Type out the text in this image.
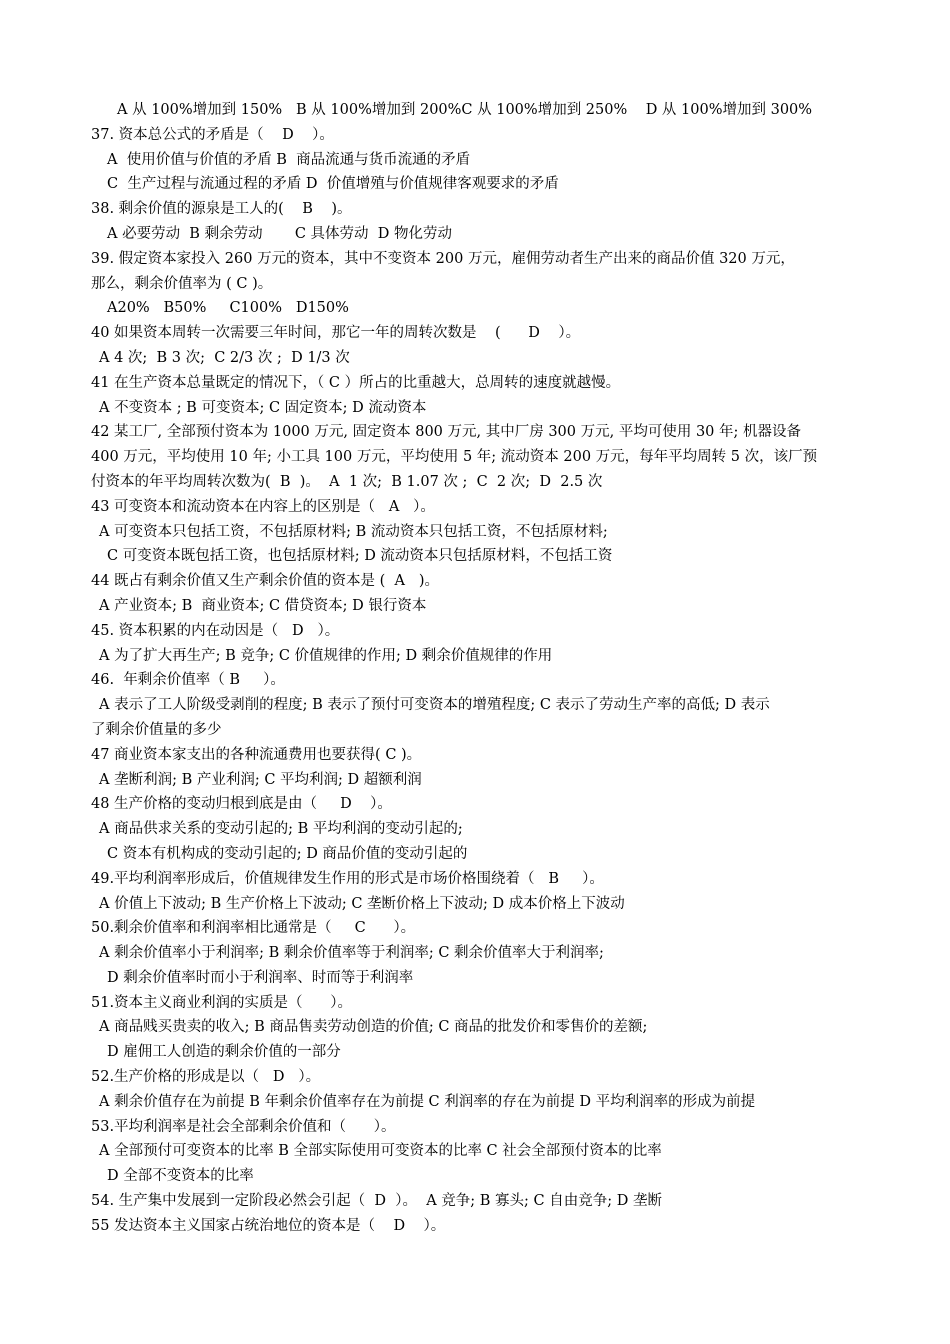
A 从 100%增加到 150%   B 从 100%增加到 200%C 从 100%增加到 250%    D 从 100%增加到 300%
37. 资本总公式的矛盾是（    D    ）。
A  使用价值与价值的矛盾 B  商品流通与货币流通的矛盾
C  生产过程与流通过程的矛盾 D  价值增殖与价值规律客观要求的矛盾
38. 剩余价值的源泉是工人的(    B    )。
A 必要劳动  B 剩余劳动       C 具体劳动  D 物化劳动
39. 假定资本家投入 260 万元的资本，其中不变资本 200 万元，雇佣劳动者生产出来的商品价值 320 万元，
那么，剩余价值率为 ( C )。
A20%   B50%     C100%   D150%
40 如果资本周转一次需要三年时间，那它一年的周转次数是    (      D    ）。
A 4 次;  B 3 次;  C 2/3 次 ;  D 1/3 次
41 在生产资本总量既定的情况下，（ C ）所占的比重越大，总周转的速度就越慢。
A 不变资本 ; B 可变资本; C 固定资本; D 流动资本
42 某工厂, 全部预付资本为 1000 万元, 固定资本 800 万元, 其中厂房 300 万元, 平均可使用 30 年; 机器设备
400 万元，平均使用 10 年; 小工具 100 万元，平均使用 5 年; 流动资本 200 万元，每年平均周转 5 次，该厂预
付资本的年平均周转次数为(  B  )。  A  1 次;  B 1.07 次 ;  C  2 次;  D  2.5 次
43 可变资本和流动资本在内容上的区别是（   A   ）。
A 可变资本只包括工资，不包括原材料; B 流动资本只包括工资，不包括原材料;
C 可变资本既包括工资，也包括原材料; D 流动资本只包括原材料，不包括工资
44 既占有剩余价值又生产剩余价值的资本是 (  A   )。
A 产业资本; B  商业资本; C 借贷资本; D 银行资本
45. 资本积累的内在动因是（   D   ）。
A 为了扩大再生产; B 竞争; C 价值规律的作用; D 剩余价值规律的作用
46.  年剩余价值率（ B     ）。
A 表示了工人阶级受剥削的程度; B 表示了预付可变资本的增殖程度; C 表示了劳动生产率的高低; D 表示
了剩余价值量的多少
47 商业资本家支出的各种流通费用也要获得( C )。
A 垄断利润; B 产业利润; C 平均利润; D 超额利润
48 生产价格的变动归根到底是由（     D    ）。
A 商品供求关系的变动引起的; B 平均利润的变动引起的;
C 资本有机构成的变动引起的; D 商品价值的变动引起的
49.平均利润率形成后，价值规律发生作用的形式是市场价格围绕着（   B     ）。
A 价值上下波动; B 生产价格上下波动; C 垄断价格上下波动; D 成本价格上下波动
50.剩余价值率和利润率相比通常是（     C      ）。
A 剩余价值率小于利润率; B 剩余价值率等于利润率; C 剩余价值率大于利润率;
D 剩余价值率时而小于利润率、时而等于利润率
51.资本主义商业利润的实质是（      ）。
A 商品贱买贵卖的收入; B 商品售卖劳动创造的价值; C 商品的批发价和零售价的差额;
D 雇佣工人创造的剩余价值的一部分
52.生产价格的形成是以（   D   ）。
A 剩余价值存在为前提 B 年剩余价值率存在为前提 C 利润率的存在为前提 D 平均利润率的形成为前提
53.平均利润率是社会全部剩余价值和（      ）。
A 全部预付可变资本的比率 B 全部实际使用可变资本的比率 C 社会全部预付资本的比率
D 全部不变资本的比率
54. 生产集中发展到一定阶段必然会引起（  D  ）。  A 竞争; B 寡头; C 自由竞争; D 垄断
55 发达资本主义国家占统治地位的资本是（    D    ）。
